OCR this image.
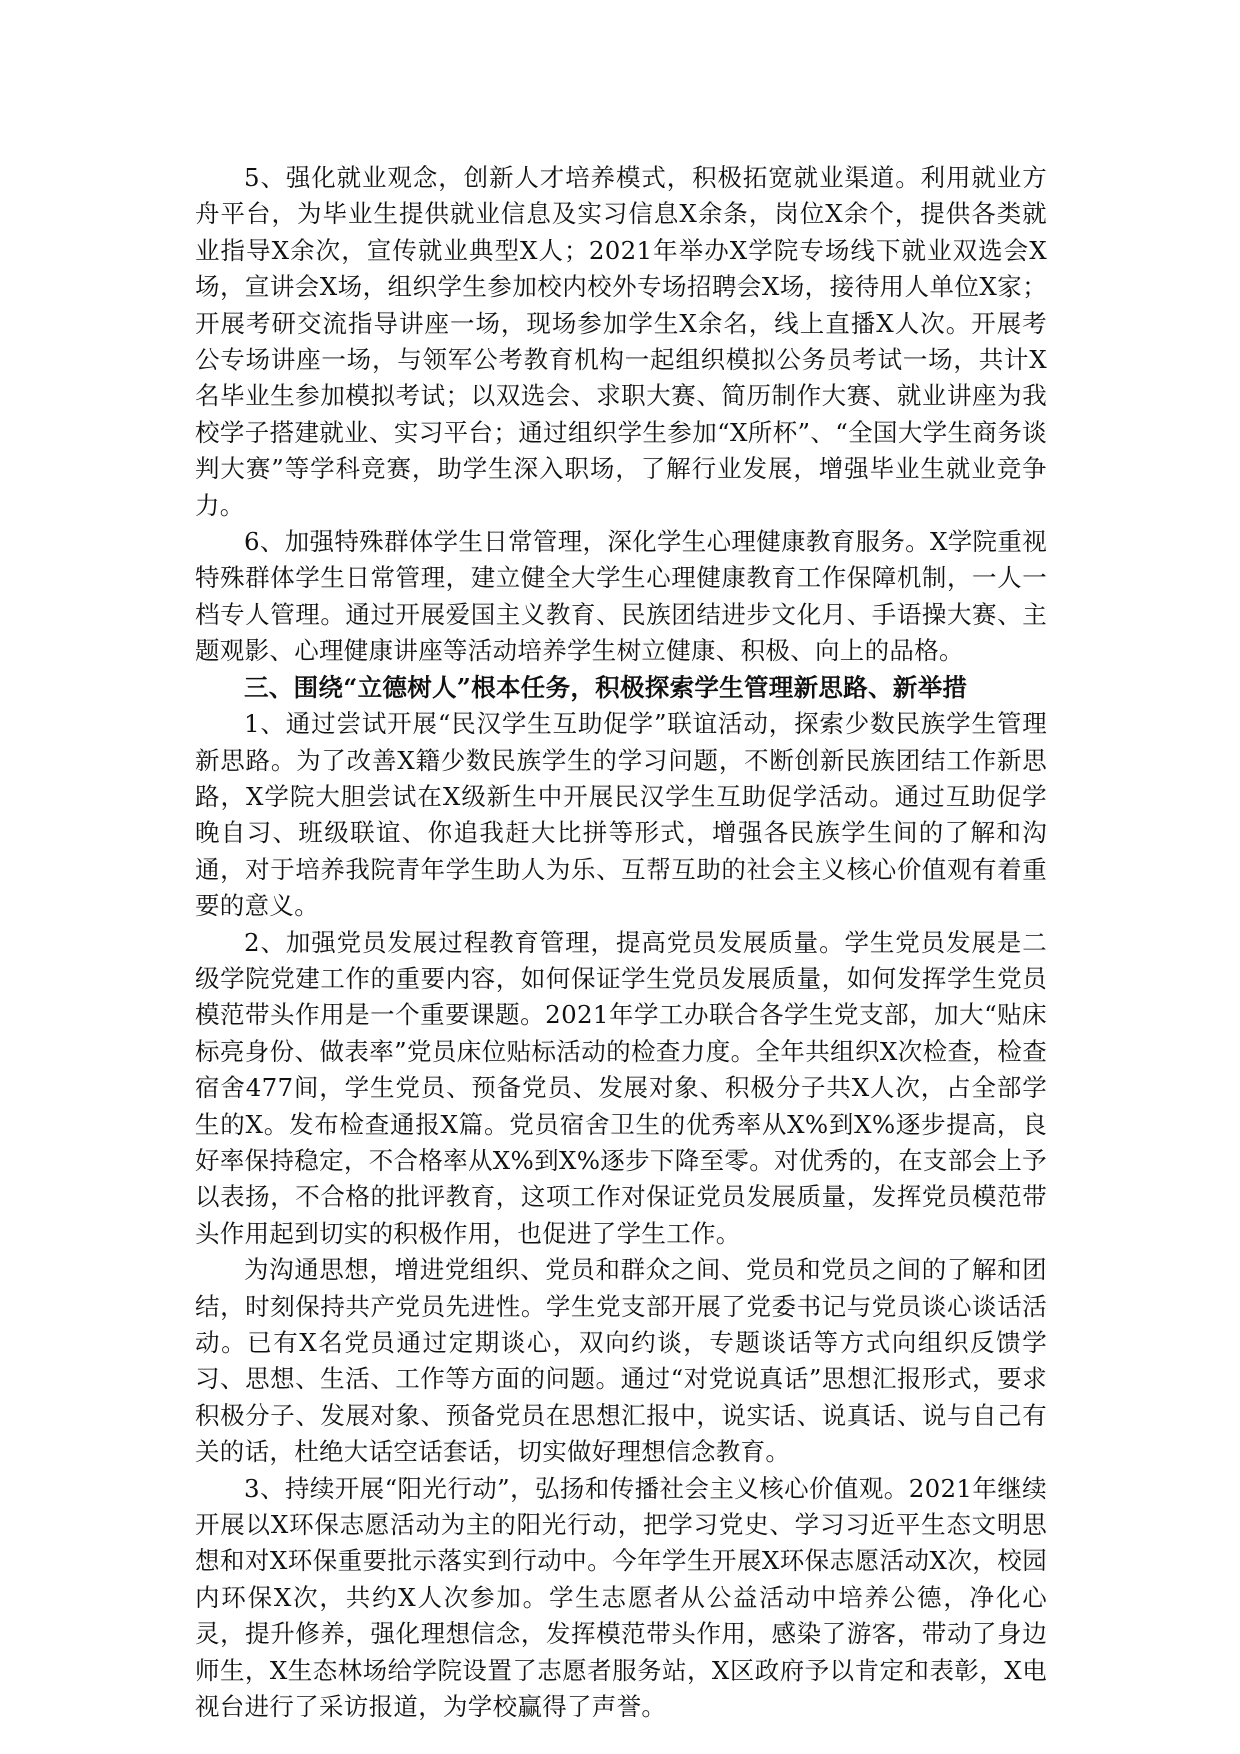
5、强化就业观念，创新人才培养模式，积极拓宽就业渠道。利用就业方舟平台，为毕业生提供就业信息及实习信息X余条，岗位X余个，提供各类就业指导X余次，宣传就业典型X人；2021年举办X学院专场线下就业双选会X场，宣讲会X场，组织学生参加校内校外专场招聘会X场，接待用人单位X家；开展考研交流指导讲座一场，现场参加学生X余名，线上直播X人次。开展考公专场讲座一场，与领军公考教育机构一起组织模拟公务员考试一场，共计X名毕业生参加模拟考试；以双选会、求职大赛、简历制作大赛、就业讲座为我校学子搭建就业、实习平台；通过组织学生参加“X所杯”、“全国大学生商务谈判大赛”等学科竞赛，助学生深入职场，了解行业发展，增强毕业生就业竞争力。

6、加强特殊群体学生日常管理，深化学生心理健康教育服务。X学院重视特殊群体学生日常管理，建立健全大学生心理健康教育工作保障机制，一人一档专人管理。通过开展爱国主义教育、民族团结进步文化月、手语操大赛、主题观影、心理健康讲座等活动培养学生树立健康、积极、向上的品格。

三、围绕“立德树人”根本任务，积极探索学生管理新思路、新举措

1、通过尝试开展“民汉学生互助促学”联谊活动，探索少数民族学生管理新思路。为了改善X籍少数民族学生的学习问题，不断创新民族团结工作新思路，X学院大胆尝试在X级新生中开展民汉学生互助促学活动。通过互助促学晚自习、班级联谊、你追我赶大比拼等形式，增强各民族学生间的了解和沟通，对于培养我院青年学生助人为乐、互帮互助的社会主义核心价值观有着重要的意义。

2、加强党员发展过程教育管理，提高党员发展质量。学生党员发展是二级学院党建工作的重要内容，如何保证学生党员发展质量，如何发挥学生党员模范带头作用是一个重要课题。2021年学工办联合各学生党支部，加大“贴床标亮身份、做表率”党员床位贴标活动的检查力度。全年共组织X次检查，检查宿舍477间，学生党员、预备党员、发展对象、积极分子共X人次，占全部学生的X。发布检查通报X篇。党员宿舍卫生的优秀率从X%到X%逐步提高，良好率保持稳定，不合格率从X%到X%逐步下降至零。对优秀的，在支部会上予以表扬，不合格的批评教育，这项工作对保证党员发展质量，发挥党员模范带头作用起到切实的积极作用，也促进了学生工作。

为沟通思想，增进党组织、党员和群众之间、党员和党员之间的了解和团结，时刻保持共产党员先进性。学生党支部开展了党委书记与党员谈心谈话活动。已有X名党员通过定期谈心，双向约谈，专题谈话等方式向组织反馈学习、思想、生活、工作等方面的问题。通过“对党说真话”思想汇报形式，要求积极分子、发展对象、预备党员在思想汇报中，说实话、说真话、说与自己有关的话，杜绝大话空话套话，切实做好理想信念教育。

3、持续开展“阳光行动”，弘扬和传播社会主义核心价值观。2021年继续开展以X环保志愿活动为主的阳光行动，把学习党史、学习习近平生态文明思想和对X环保重要批示落实到行动中。今年学生开展X环保志愿活动X次，校园内环保X次，共约X人次参加。学生志愿者从公益活动中培养公德，净化心灵，提升修养，强化理想信念，发挥模范带头作用，感染了游客，带动了身边师生，X生态林场给学院设置了志愿者服务站，X区政府予以肯定和表彰，X电视台进行了采访报道，为学校赢得了声誉。
